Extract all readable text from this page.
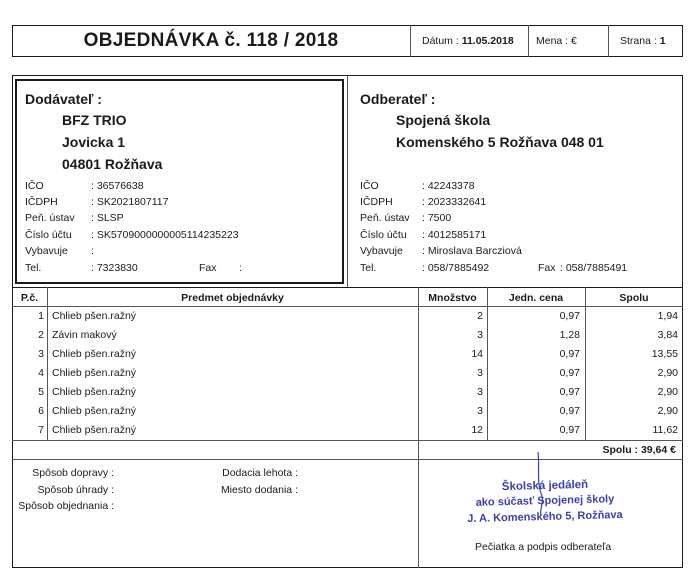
OBJEDNÁVKA č. 118 / 2018	Dátum : 11.05.2018 Mena : €	Strana : 1
Dodávateľ :
BFZ TRIO
Jovicka 1
04801 Rožňava
IČO	: 36576638
IČDPH	: SK2021807117
Peň. ústav : SLSP
Číslo účtu : SK5709000000005114235223
Vybavuje :
Tel.	: 7323830	Fax :
Odberateľ :
Spojená škola
Komenského 5 Rožňava 048 01
IČO	: 42243378
IČDPH	: 2023332641
Peň. ústav : 7500
Číslo účtu : 4012585171
Vybavuje : Miroslava Barcziová
Tel.	: 058/7885492	Fax : 058/7885491
P.č.	Predmet objednávky	Množstvo	Jedn. cena	Spolu
1 Chlieb pšen.ražný	2	0,97	1,94
2 Závin makový	3	1,28	3,84
3 Chlieb pšen.ražný	14	0,97	13,55
4 Chlieb pšen.ražný	3	0,97	2,90
5 Chlieb pšen.ražný	3	0,97	2,90
6 Chlieb pšen.ražný	3	0,97	2,90
7 Chlieb pšen.ražný	12	0,97	11,62
Spolu : 39,64 €
Spôsob dopravy :
Spôsob úhrady :
Spôsob objednania :
Dodacia lehota :
Miesto dodania :	Školská jedáleň
ako súčasť Spojenej školy
J. A. Komenského 5, Rožňava
Pečiatka a podpis odberateľa
